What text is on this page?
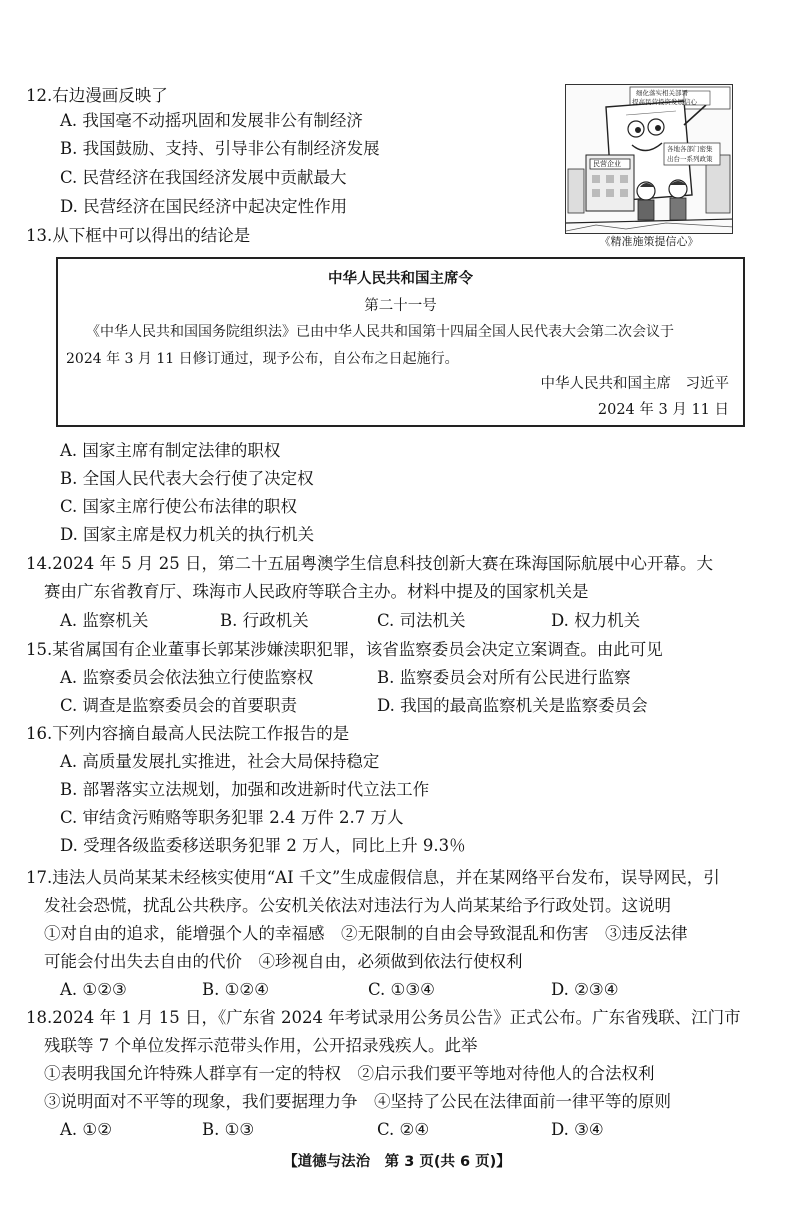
12.右边漫画反映了
A. 我国毫不动摇巩固和发展非公有制经济
B. 我国鼓励、支持、引导非公有制经济发展
C. 民营经济在我国经济发展中贡献最大
D. 民营经济在国民经济中起决定性作用
细化落实相关部署
提高民营投资发展信心
各地各部门密集
出台一系列政策
民营企业
《精准施策提信心》
13.从下框中可以得出的结论是
中华人民共和国主席令
第二十一号
《中华人民共和国国务院组织法》已由中华人民共和国第十四届全国人民代表大会第二次会议于
2024 年 3 月 11 日修订通过，现予公布，自公布之日起施行。
中华人民共和国主席　习近平
2024 年 3 月 11 日
A. 国家主席有制定法律的职权
B. 全国人民代表大会行使了决定权
C. 国家主席行使公布法律的职权
D. 国家主席是权力机关的执行机关
14.2024 年 5 月 25 日，第二十五届粤澳学生信息科技创新大赛在珠海国际航展中心开幕。大
赛由广东省教育厅、珠海市人民政府等联合主办。材料中提及的国家机关是
A. 监察机关	B. 行政机关	C. 司法机关	D. 权力机关
15.某省属国有企业董事长郭某涉嫌渎职犯罪，该省监察委员会决定立案调查。由此可见
A. 监察委员会依法独立行使监察权	B. 监察委员会对所有公民进行监察
C. 调查是监察委员会的首要职责	D. 我国的最高监察机关是监察委员会
16.下列内容摘自最高人民法院工作报告的是
A. 高质量发展扎实推进，社会大局保持稳定
B. 部署落实立法规划，加强和改进新时代立法工作
C. 审结贪污贿赂等职务犯罪 2.4 万件 2.7 万人
D. 受理各级监委移送职务犯罪 2 万人，同比上升 9.3％
17.违法人员尚某某未经核实使用“AI 千文”生成虚假信息，并在某网络平台发布，误导网民，引
发社会恐慌，扰乱公共秩序。公安机关依法对违法行为人尚某某给予行政处罚。这说明
①对自由的追求，能增强个人的幸福感　②无限制的自由会导致混乱和伤害　③违反法律
可能会付出失去自由的代价　④珍视自由，必须做到依法行使权利
A. ①②③	B. ①②④	C. ①③④	D. ②③④
18.2024 年 1 月 15 日，《广东省 2024 年考试录用公务员公告》正式公布。广东省残联、江门市
残联等 7 个单位发挥示范带头作用，公开招录残疾人。此举
①表明我国允许特殊人群享有一定的特权　②启示我们要平等地对待他人的合法权利
③说明面对不平等的现象，我们要据理力争　④坚持了公民在法律面前一律平等的原则
A. ①②	B. ①③	C. ②④	D. ③④
【道德与法治　第 3 页(共 6 页)】
